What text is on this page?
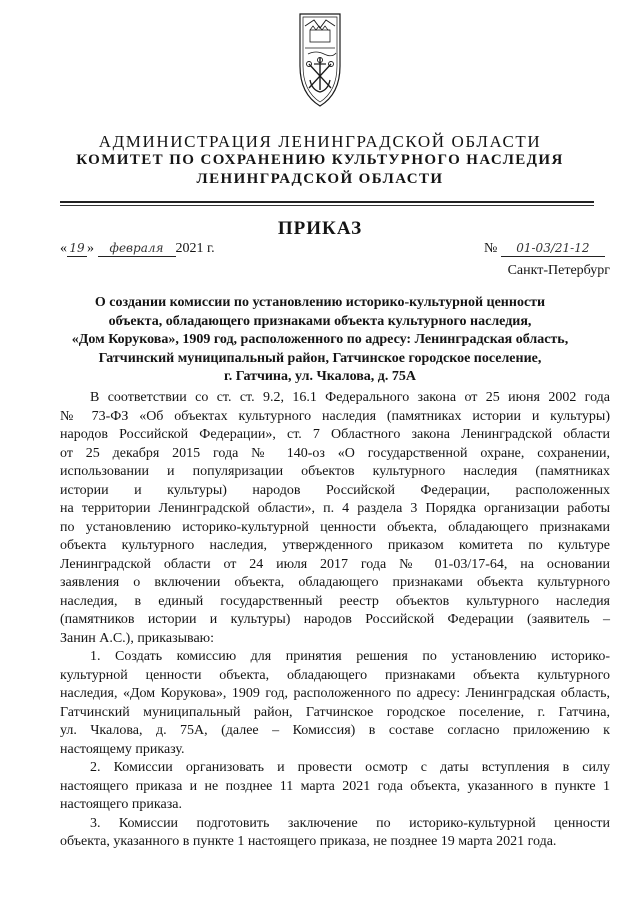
АДМИНИСТРАЦИЯ ЛЕНИНГРАДСКОЙ ОБЛАСТИ
КОМИТЕТ ПО СОХРАНЕНИЮ КУЛЬТУРНОГО НАСЛЕДИЯ
ЛЕНИНГРАДСКОЙ ОБЛАСТИ
ПРИКАЗ
« 19 » февраля 2021 г.	№ 01-03/21-12
Санкт-Петербург
О создании комиссии по установлению историко-культурной ценности
объекта, обладающего признаками объекта культурного наследия,
«Дом Корукова», 1909 год, расположенного по адресу: Ленинградская область,
Гатчинский муниципальный район, Гатчинское городское поселение,
г. Гатчина, ул. Чкалова, д. 75А
В соответствии со ст. ст. 9.2, 16.1 Федерального закона от 25 июня 2002 года
№ 73-ФЗ «Об объектах культурного наследия (памятниках истории и культуры)
народов Российской Федерации», ст. 7 Областного закона Ленинградской области
от 25 декабря 2015 года № 140-оз «О государственной охране, сохранении,
использовании и популяризации объектов культурного наследия (памятниках
истории и культуры) народов Российской Федерации, расположенных
на территории Ленинградской области», п. 4 раздела 3 Порядка организации работы
по установлению историко-культурной ценности объекта, обладающего признаками
объекта культурного наследия, утвержденного приказом комитета по культуре
Ленинградской области от 24 июля 2017 года № 01-03/17-64, на основании
заявления о включении объекта, обладающего признаками объекта культурного
наследия, в единый государственный реестр объектов культурного наследия
(памятников истории и культуры) народов Российской Федерации (заявитель –
Занин А.С.), приказываю:
1. Создать комиссию для принятия решения по установлению историко-
культурной ценности объекта, обладающего признаками объекта культурного
наследия, «Дом Корукова», 1909 год, расположенного по адресу: Ленинградская область,
Гатчинский муниципальный район, Гатчинское городское поселение, г. Гатчина,
ул. Чкалова, д. 75А, (далее – Комиссия) в составе согласно приложению к
настоящему приказу.
2. Комиссии организовать и провести осмотр с даты вступления в силу
настоящего приказа и не позднее 11 марта 2021 года объекта, указанного в пункте 1
настоящего приказа.
3. Комиссии подготовить заключение по историко-культурной ценности
объекта, указанного в пункте 1 настоящего приказа, не позднее 19 марта 2021 года.
